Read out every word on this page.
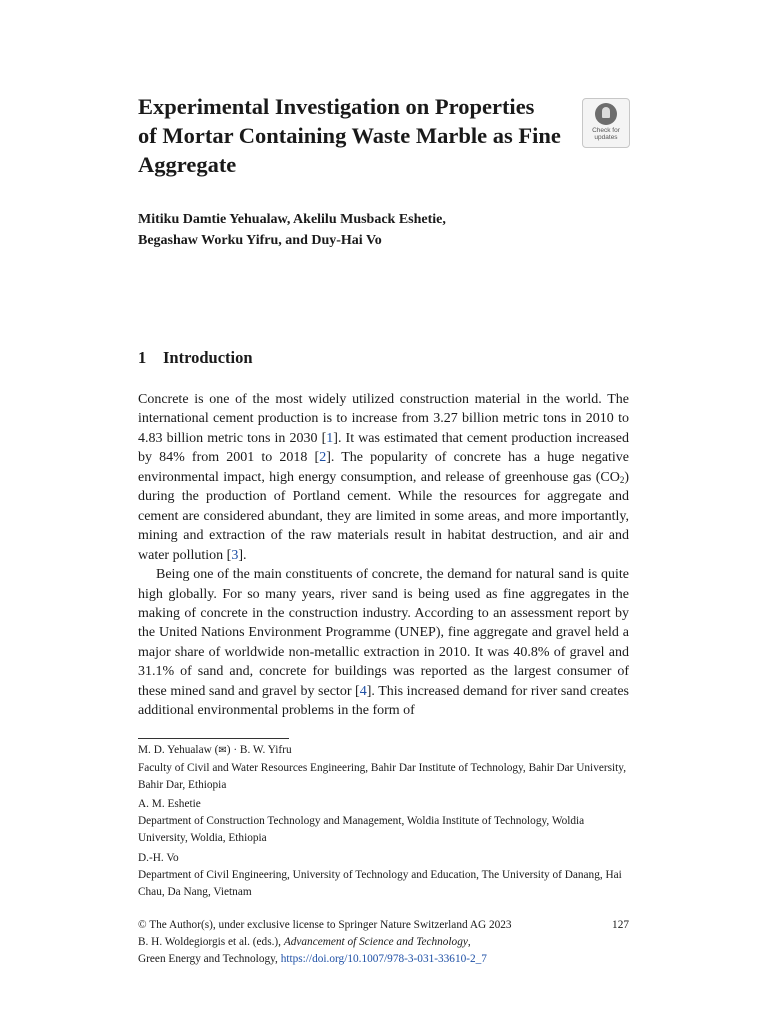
Experimental Investigation on Properties
of Mortar Containing Waste Marble as Fine
Aggregate
Check for
updates
Mitiku Damtie Yehualaw, Akelilu Musback Eshetie,
Begashaw Worku Yifru, and Duy-Hai Vo
1 Introduction

Concrete is one of the most widely utilized construction material in the world. The international cement production is to increase from 3.27 billion metric tons in 2010 to 4.83 billion metric tons in 2030 [1]. It was estimated that cement production increased by 84% from 2001 to 2018 [2]. The popularity of concrete has a huge negative environmental impact, high energy consumption, and release of greenhouse gas $(CO_2)$ during the production of Portland cement. While the resources for aggregate and cement are considered abundant, they are limited in some areas, and more importantly, mining and extraction of the raw materials result in habitat destruction, and air and water pollution [3].

Being one of the main constituents of concrete, the demand for natural sand is quite high globally. For so many years, river sand is being used as fine aggregates in the making of concrete in the construction industry. According to an assessment report by the United Nations Environment Programme (UNEP), fine aggregate and gravel held a major share of worldwide non-metallic extraction in 2010. It was 40.8% of gravel and 31.1% of sand and, concrete for buildings was reported as the largest consumer of these mined sand and gravel by sector [4]. This increased demand for river sand creates additional environmental problems in the form of

M. D. Yehualaw (✉) · B. W. Yifru
Faculty of Civil and Water Resources Engineering, Bahir Dar Institute of Technology, Bahir Dar University, Bahir Dar, Ethiopia
A. M. Eshetie
Department of Construction Technology and Management, Woldia Institute of Technology, Woldia University, Woldia, Ethiopia
D.-H. Vo
Department of Civil Engineering, University of Technology and Education, The University of Danang, Hai Chau, Da Nang, Vietnam
© The Author(s), under exclusive license to Springer Nature Switzerland AG 2023	127
B. H. Woldegiorgis et al. (eds.), Advancement of Science and Technology,
Green Energy and Technology, https://doi.org/10.1007/978-3-031-33610-2_7
